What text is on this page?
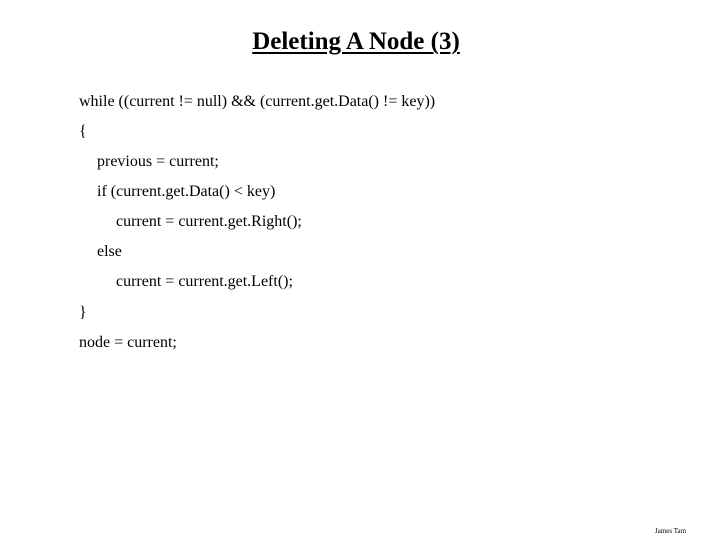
Deleting A Node (3)
while ((current != null) && (current.get.Data() != key))
{
previous = current;
if (current.get.Data() < key)
current = current.get.Right();
else
current = current.get.Left();
}
node = current;
James Tam
